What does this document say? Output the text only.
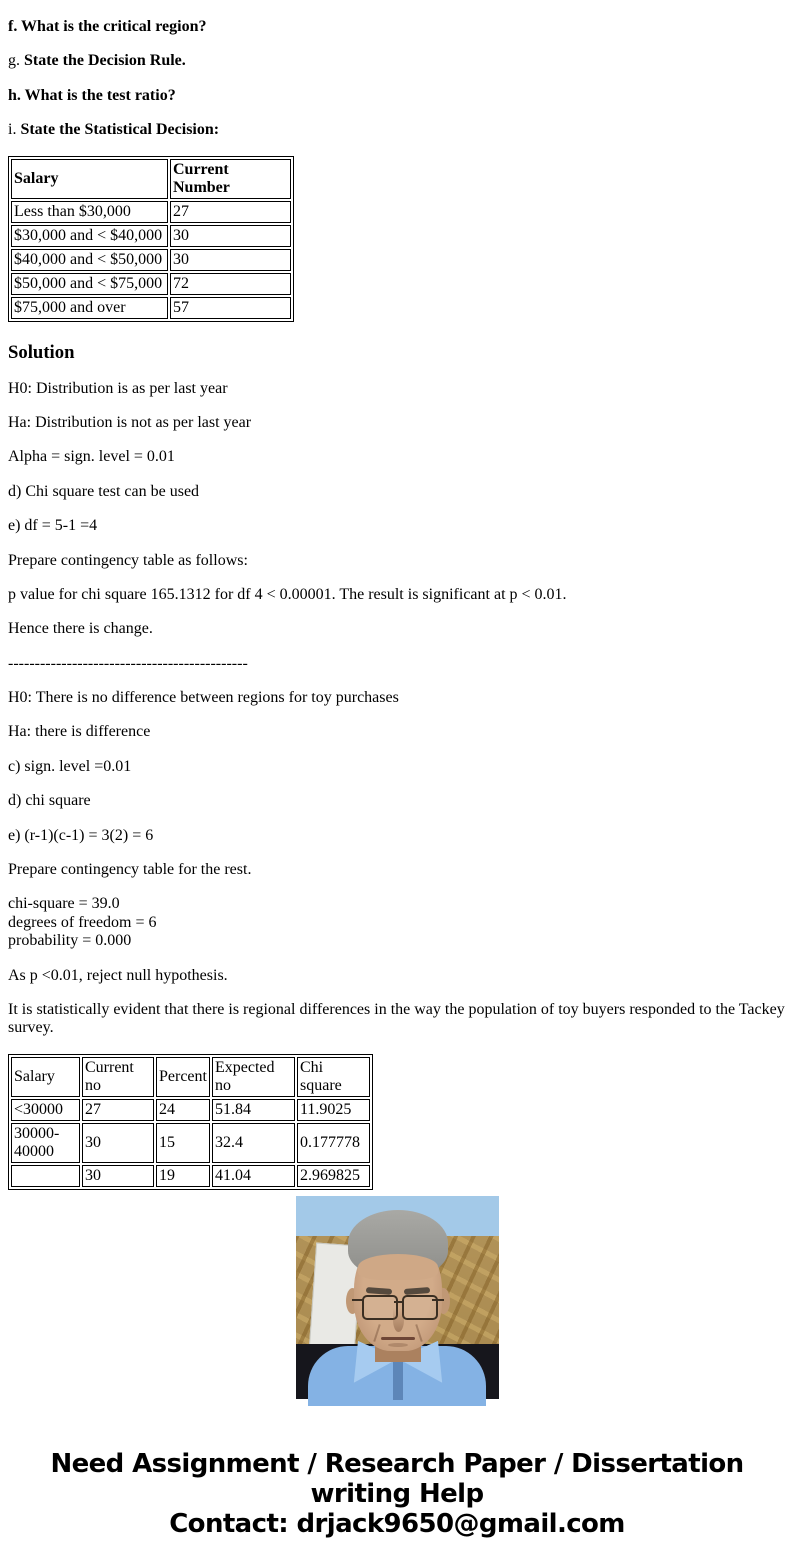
f. What is the critical region?

g. State the Decision Rule.

h. What is the test ratio?

i. State the Statistical Decision:

Salary	Current Number
Less than $30,000	27
$30,000 and < $40,000	30
$40,000 and < $50,000	30
$50,000 and < $75,000	72
$75,000 and over	57
Solution

H0: Distribution is as per last year

Ha: Distribution is not as per last year

Alpha = sign. level = 0.01

d) Chi square test can be used

e) df = 5-1 =4

Prepare contingency table as follows:

p value for chi square 165.1312 for df 4 < 0.00001. The result is significant at p < 0.01.

Hence there is change.

---------------------------------------------

H0: There is no difference between regions for toy purchases

Ha: there is difference

c) sign. level =0.01

d) chi square

e) (r-1)(c-1) = 3(2) = 6

Prepare contingency table for the rest.

chi-square = 39.0
degrees of freedom = 6
probability = 0.000

As p <0.01, reject null hypothesis.

It is statistically evident that there is regional differences in the way the population of toy buyers responded to the Tackey survey.

Salary	Current no	Percent	Expected no	Chi square
<30000	27	24	51.84	11.9025
30000-40000	30	15	32.4	0.177778
	30	19	41.04	2.969825
Need Assignment / Research Paper / Dissertation
writing Help
Contact: drjack9650@gmail.com
